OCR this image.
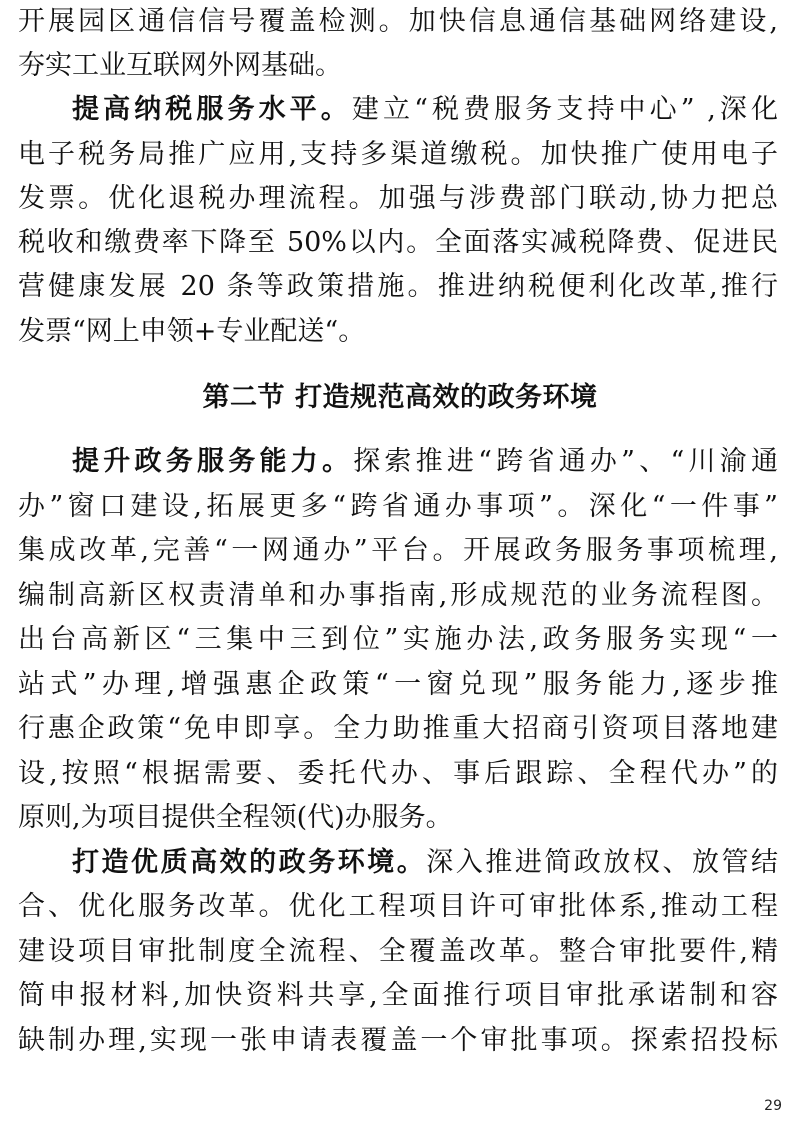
开展园区通信信号覆盖检测。加快信息通信基础网络建设,
夯实工业互联网外网基础。
提高纳税服务水平。建立“税费服务支持中心” ,深化
电子税务局推广应用,支持多渠道缴税。加快推广使用电子
发票。优化退税办理流程。加强与涉费部门联动,协力把总
税收和缴费率下降至 50%以内。全面落实减税降费、促进民
营健康发展 20 条等政策措施。推进纳税便利化改革,推行
发票“网上申领+专业配送“。
第二节 打造规范高效的政务环境
提升政务服务能力。探索推进“跨省通办”、“川渝通
办”窗口建设,拓展更多“跨省通办事项”。深化“一件事”
集成改革,完善“一网通办”平台。开展政务服务事项梳理,
编制高新区权责清单和办事指南,形成规范的业务流程图。
出台高新区“三集中三到位”实施办法,政务服务实现“一
站式”办理,增强惠企政策“一窗兑现”服务能力,逐步推
行惠企政策“免申即享。全力助推重大招商引资项目落地建
设,按照“根据需要、委托代办、事后跟踪、全程代办”的
原则,为项目提供全程领(代)办服务。
打造优质高效的政务环境。深入推进简政放权、放管结
合、优化服务改革。优化工程项目许可审批体系,推动工程
建设项目审批制度全流程、全覆盖改革。整合审批要件,精
简申报材料,加快资料共享,全面推行项目审批承诺制和容
缺制办理,实现一张申请表覆盖一个审批事项。探索招投标
29
